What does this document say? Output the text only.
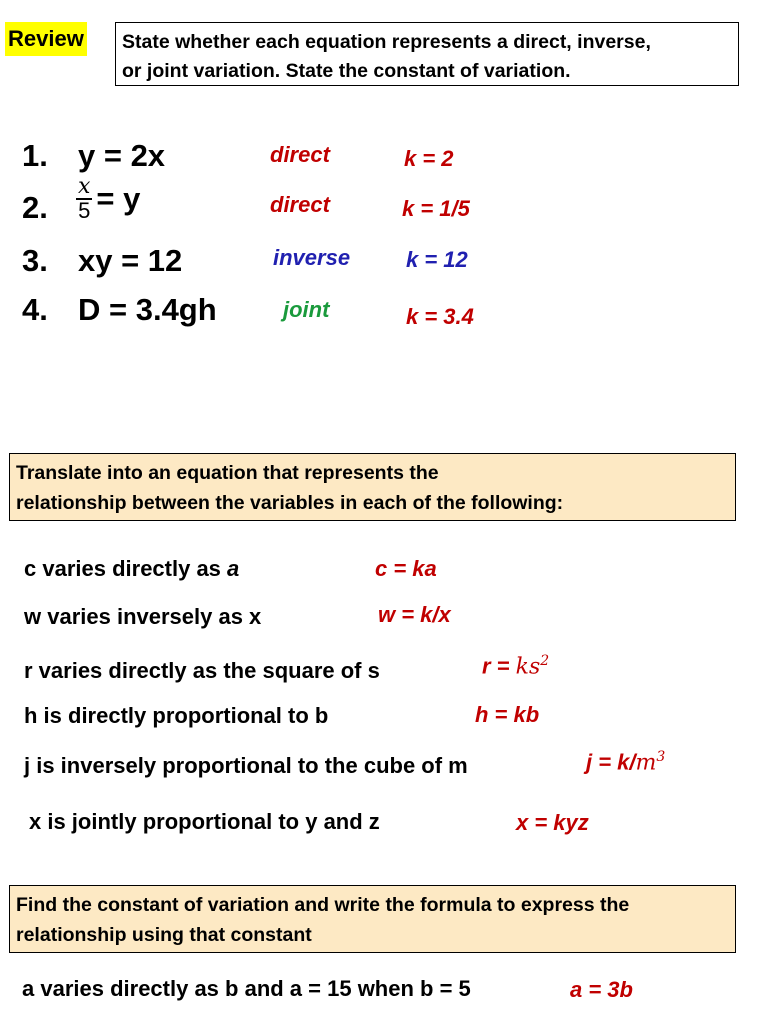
Review State whether each equation represents a direct, inverse,
or joint variation. State the constant of variation.
1. y = 2x	direct	k = 2
2. $\frac{x}{5} = y$	direct	k = 1/5
3. xy = 12	inverse	k = 12
4. D = 3.4gh	joint	k = 3.4
Translate into an equation that represents the
relationship between the variables in each of the following:
c varies directly as a	c = ka
w varies inversely as x	w = k/x
r varies directly as the square of s	$r = ks^2$
h is directly proportional to b	h = kb
j is inversely proportional to the cube of m	$j = k/m^3$
x is jointly proportional to y and z	x = kyz
Find the constant of variation and write the formula to express the
relationship using that constant
a varies directly as b and a = 15 when b = 5	a = 3b
